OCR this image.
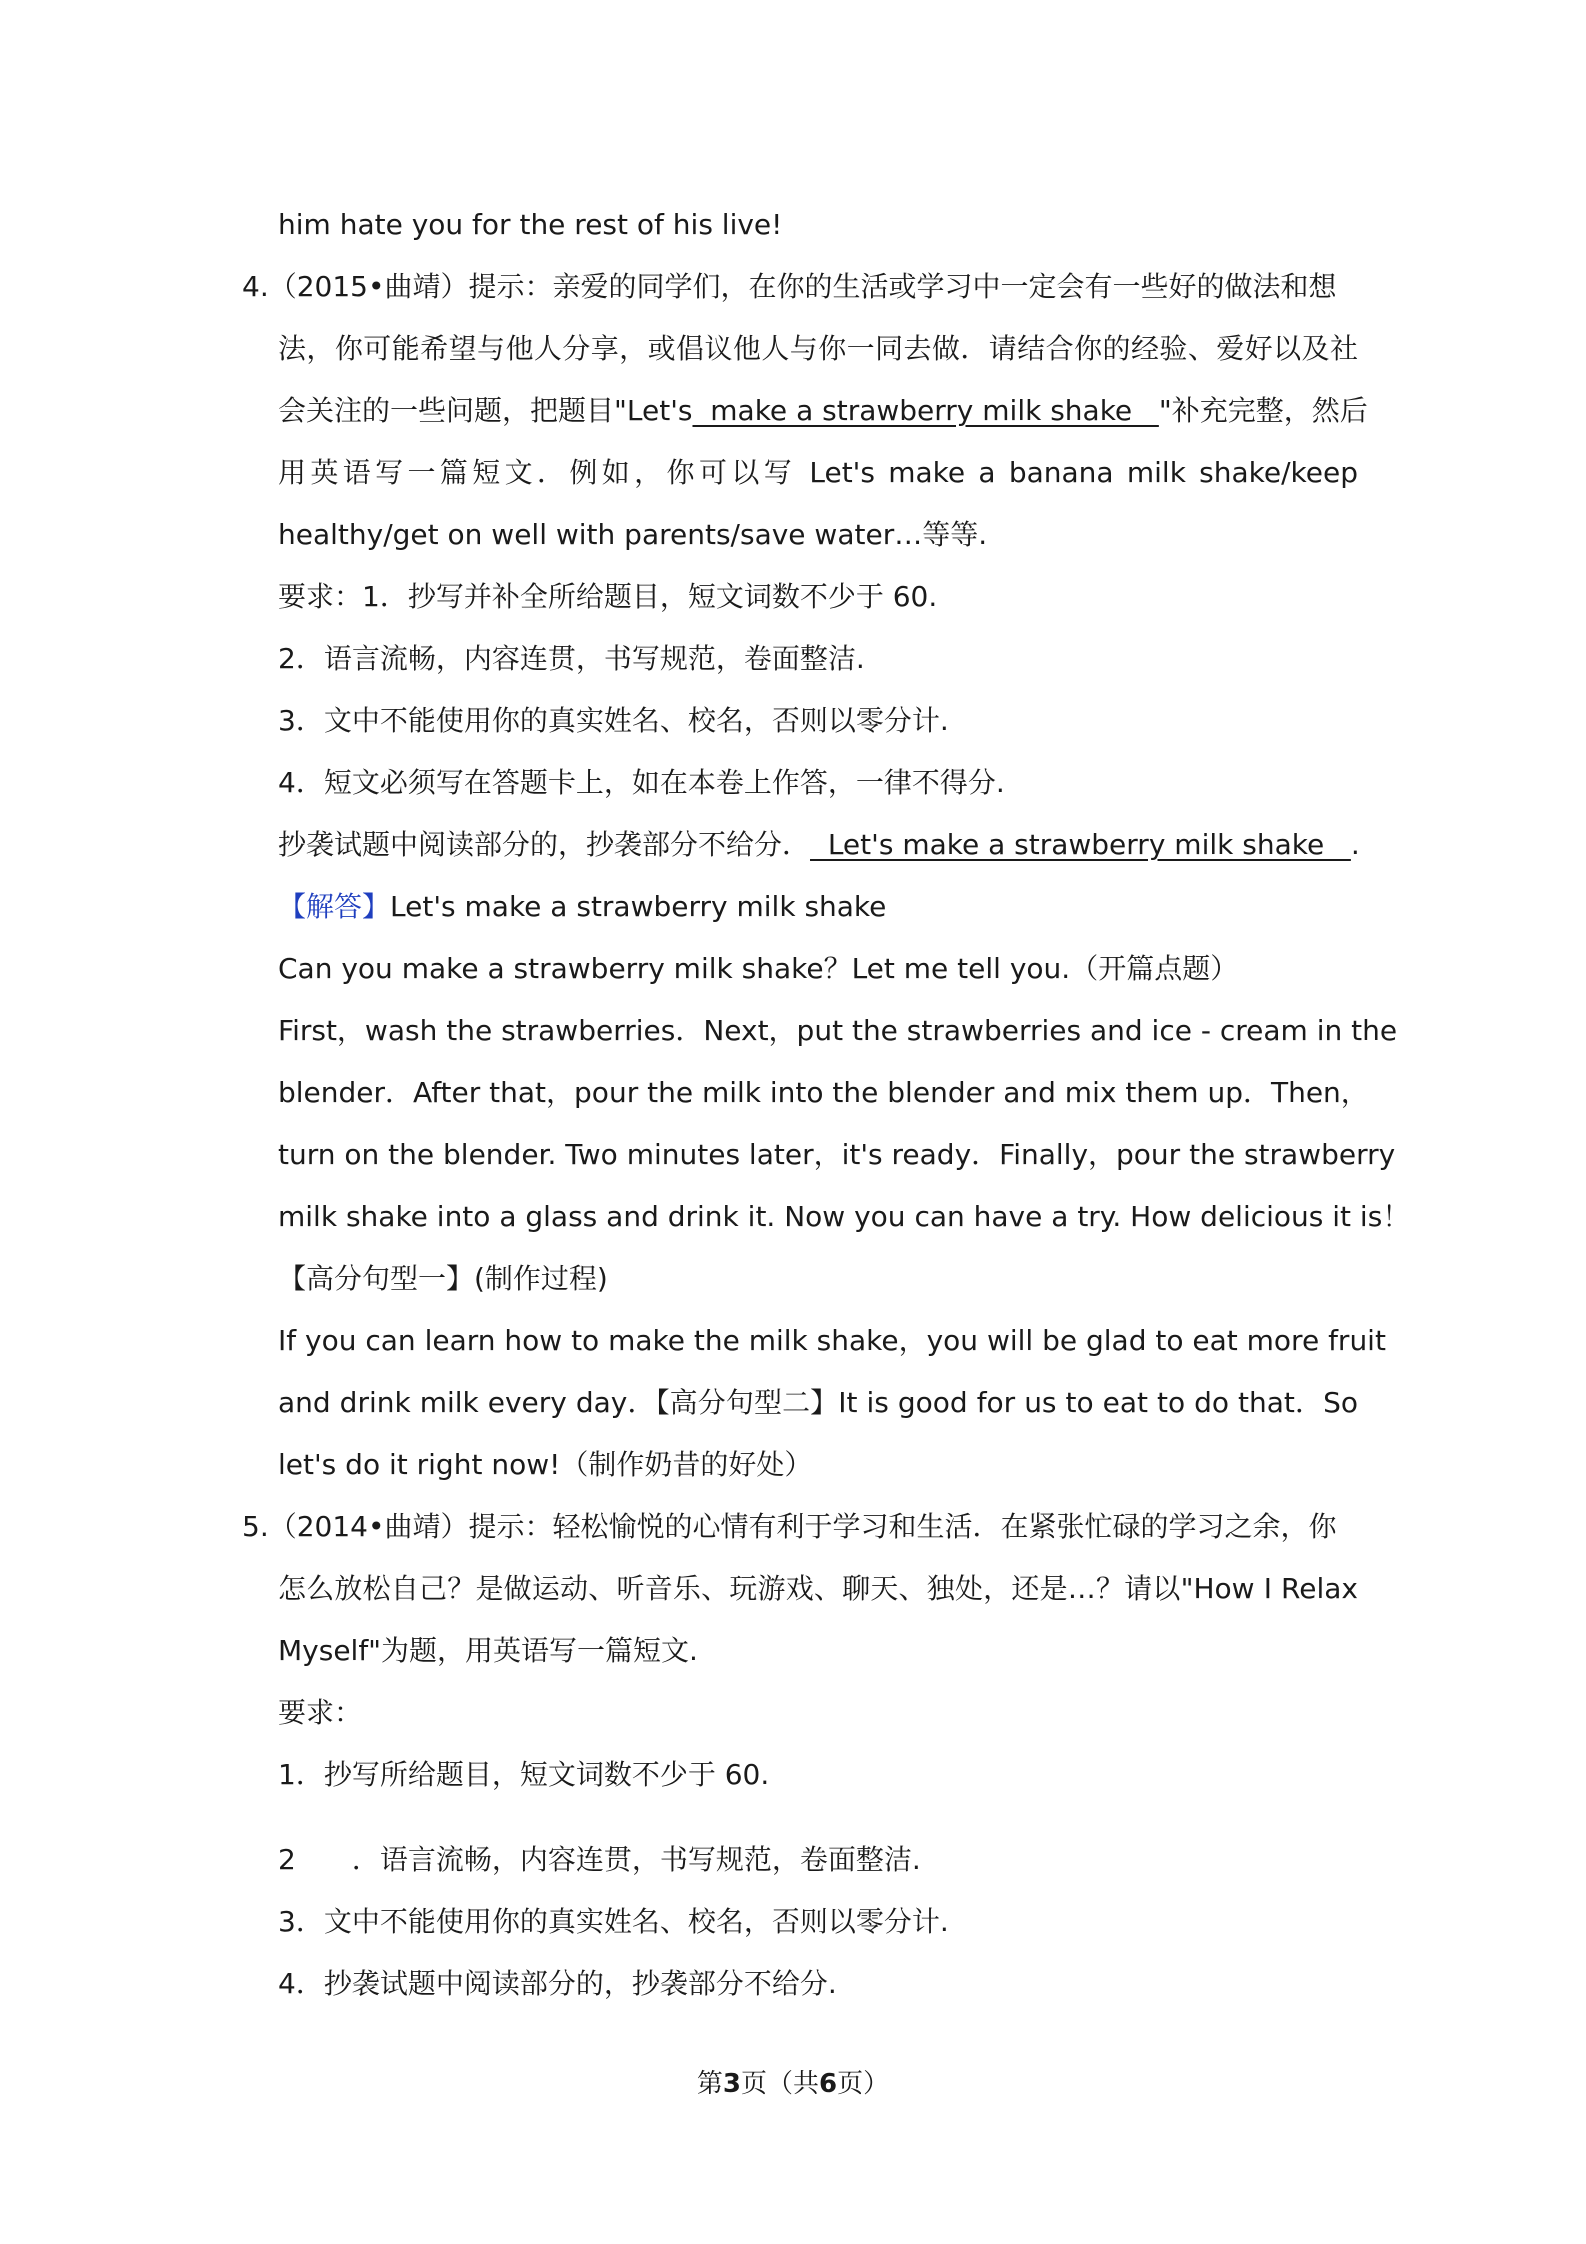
him hate you for the rest of his live!
4.（2015•曲靖）提示：亲爱的同学们，在你的生活或学习中一定会有一些好的做法和想
法，你可能希望与他人分享，或倡议他人与你一同去做．请结合你的经验、爱好以及社
会关注的一些问题，把题目"Let's  make a strawberry milk shake   "补充完整，然后
用英语写一篇短文．例如，你可以写 Let's make a banana milk shake/keep
healthy/get on well with parents/save water…等等.
要求：1．抄写并补全所给题目，短文词数不少于 60.
2．语言流畅，内容连贯，书写规范，卷面整洁.
3．文中不能使用你的真实姓名、校名，否则以零分计.
4．短文必须写在答题卡上，如在本卷上作答，一律不得分.
抄袭试题中阅读部分的，抄袭部分不给分．  Let's make a strawberry milk shake   .
【解答】Let's make a strawberry milk shake
Can you make a strawberry milk shake？Let me tell you.（开篇点题）
First，wash the strawberries．Next，put the strawberries and ice - cream in the
blender．After that，pour the milk into the blender and mix them up．Then，
turn on the blender. Two minutes later，it's ready．Finally，pour the strawberry
milk shake into a glass and drink it. Now you can have a try. How delicious it is！
【高分句型一】(制作过程)
If you can learn how to make the milk shake，you will be glad to eat more fruit
and drink milk every day．【高分句型二】It is good for us to eat to do that．So
let's do it right now!（制作奶昔的好处）
5.（2014•曲靖）提示：轻松愉悦的心情有利于学习和生活．在紧张忙碌的学习之余，你
怎么放松自己？是做运动、听音乐、玩游戏、聊天、独处，还是…？请以"How I Relax
Myself"为题，用英语写一篇短文.
要求：
1．抄写所给题目，短文词数不少于 60.
2　　．语言流畅，内容连贯，书写规范，卷面整洁.
3．文中不能使用你的真实姓名、校名，否则以零分计.
4．抄袭试题中阅读部分的，抄袭部分不给分.
第3页（共6页）
